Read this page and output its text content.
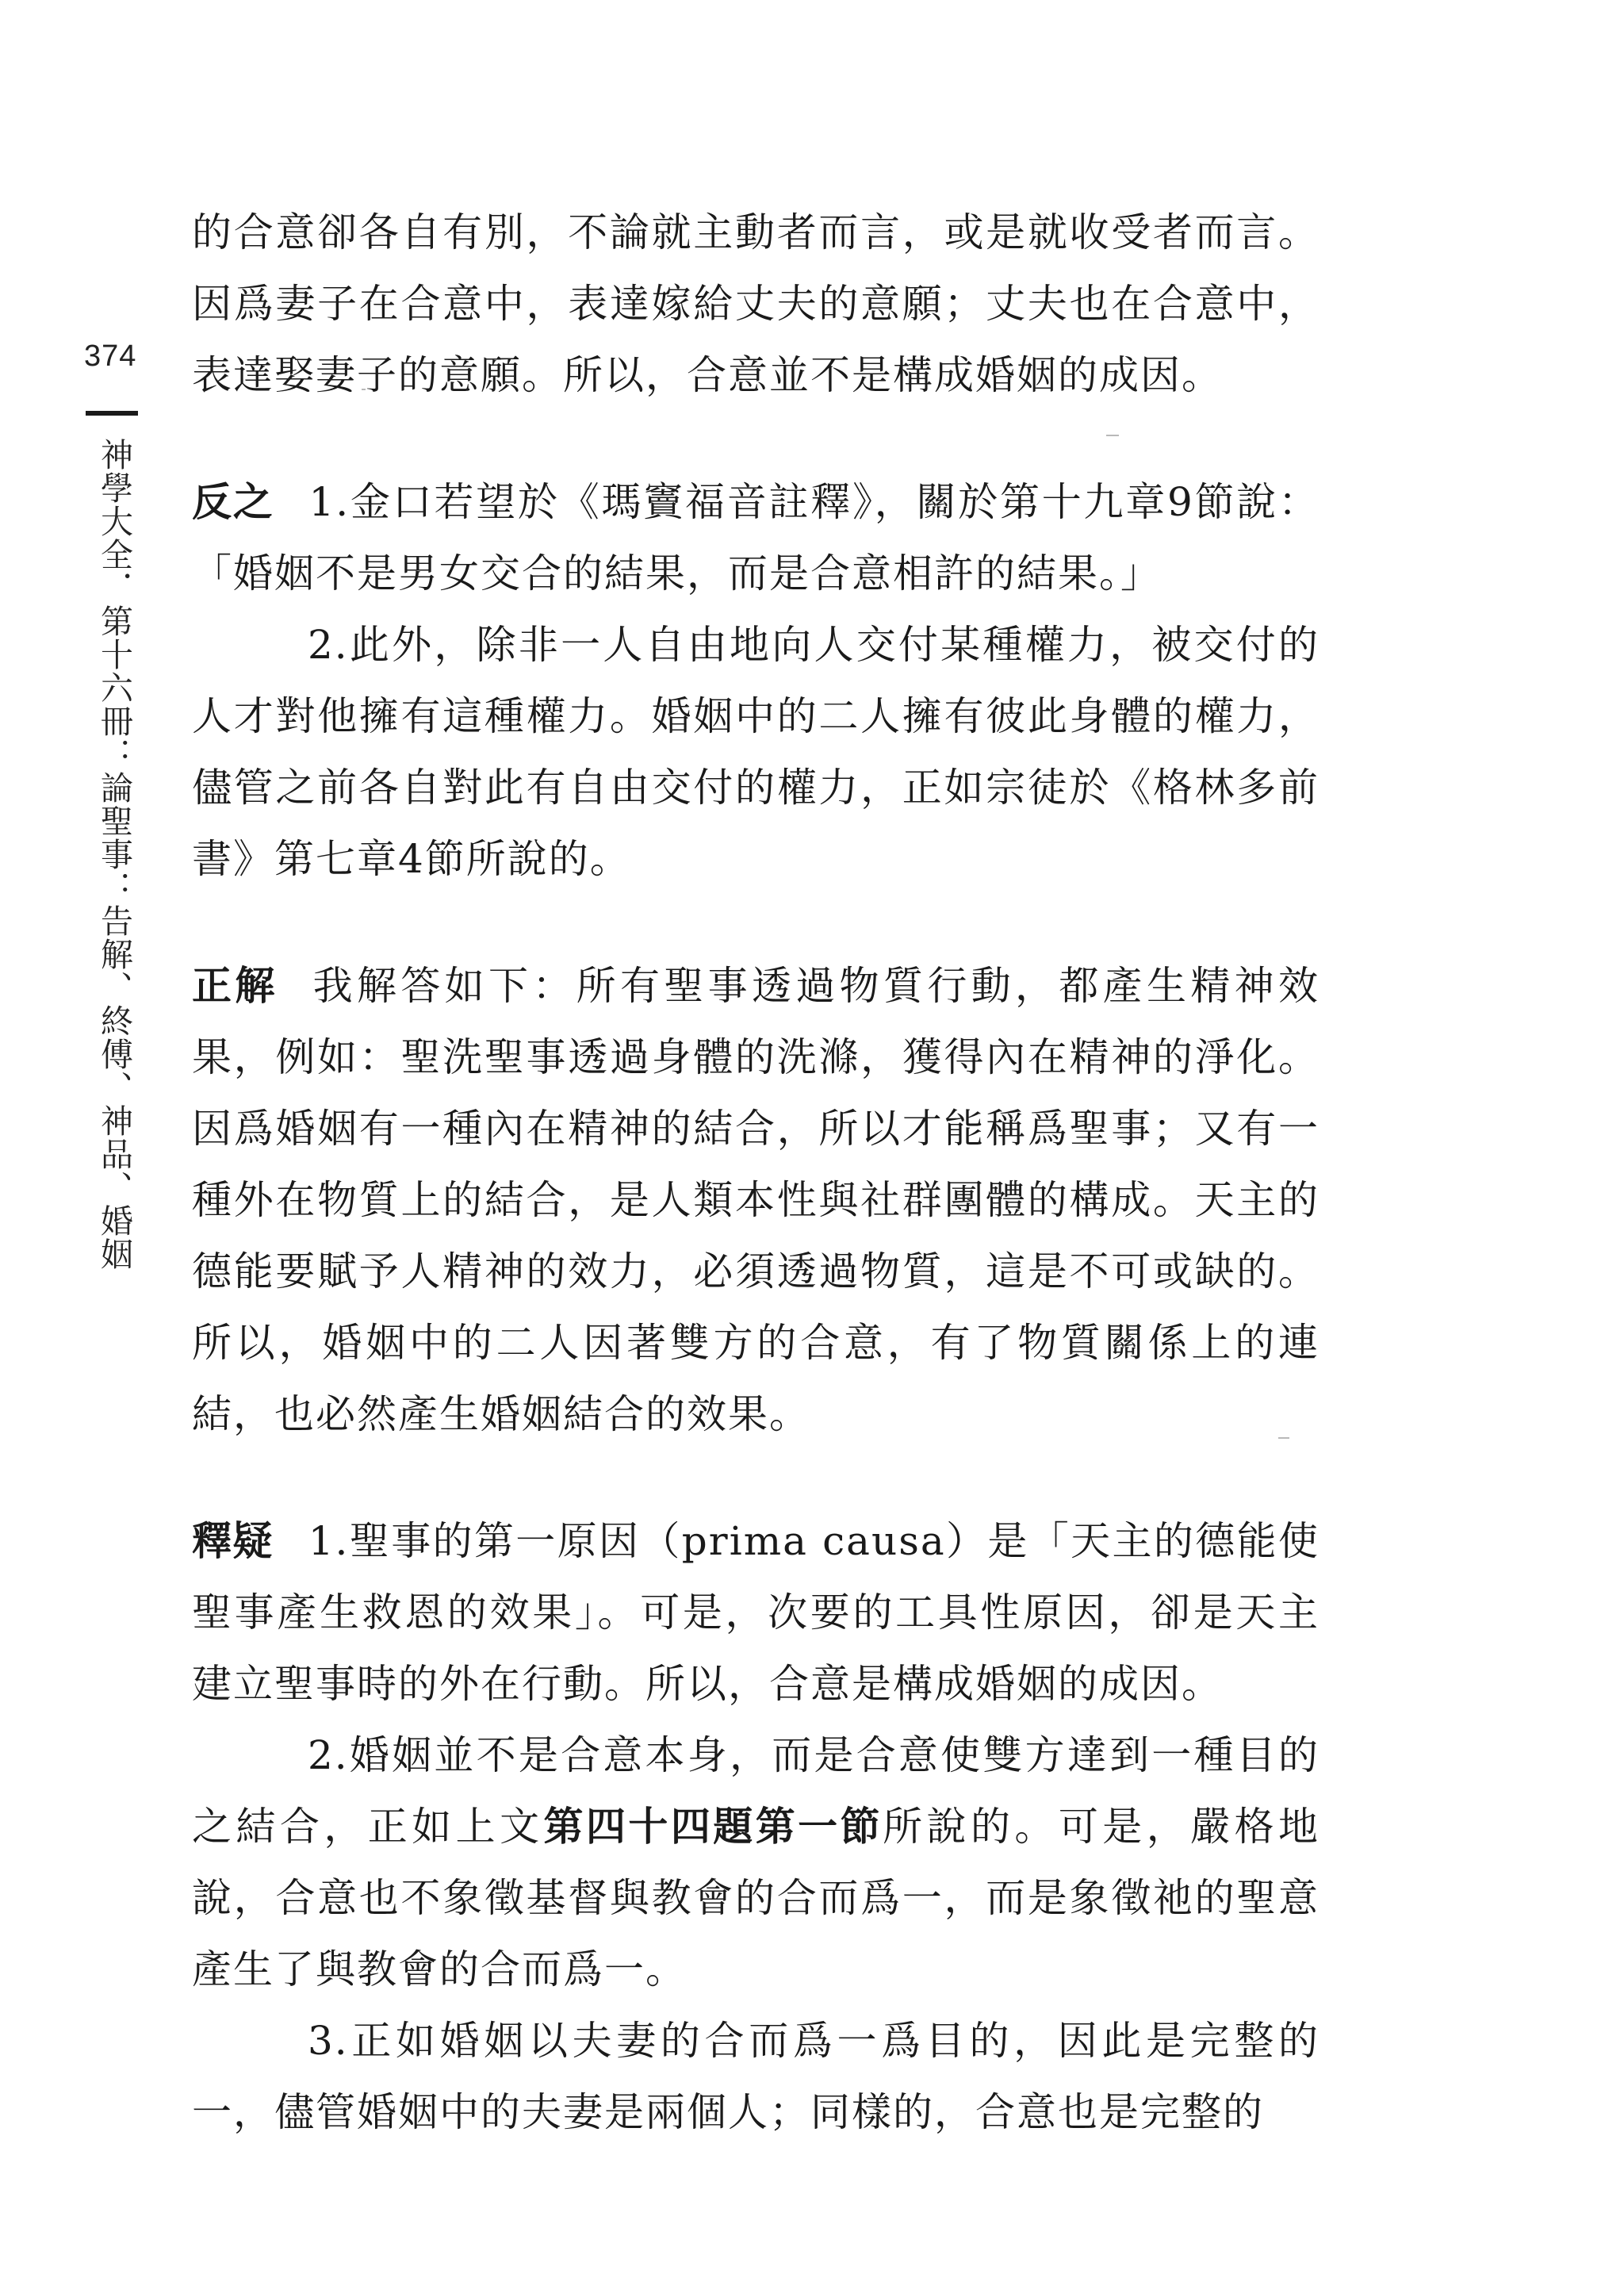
374
神學大全．第十六冊：論聖事：告解、終傅、神品、婚姻

的合意卻各自有別，不論就主動者而言，或是就收受者而言。因爲妻子在合意中，表達嫁給丈夫的意願；丈夫也在合意中，表達娶妻子的意願。所以，合意並不是構成婚姻的成因。

反之 1.金口若望於《瑪竇福音註釋》，關於第十九章9節說：「婚姻不是男女交合的結果，而是合意相許的結果。」

2.此外，除非一人自由地向人交付某種權力，被交付的人才對他擁有這種權力。婚姻中的二人擁有彼此身體的權力，儘管之前各自對此有自由交付的權力，正如宗徒於《格林多前書》第七章4節所說的。

正解 我解答如下：所有聖事透過物質行動，都產生精神效果，例如：聖洗聖事透過身體的洗滌，獲得內在精神的淨化。因爲婚姻有一種內在精神的結合，所以才能稱爲聖事；又有一種外在物質上的結合，是人類本性與社群團體的構成。天主的德能要賦予人精神的效力，必須透過物質，這是不可或缺的。所以，婚姻中的二人因著雙方的合意，有了物質關係上的連結，也必然產生婚姻結合的效果。

釋疑 1.聖事的第一原因（prima causa）是「天主的德能使聖事產生救恩的效果」。可是，次要的工具性原因，卻是天主建立聖事時的外在行動。所以，合意是構成婚姻的成因。

2.婚姻並不是合意本身，而是合意使雙方達到一種目的之結合，正如上文第四十四題第一節所說的。可是，嚴格地說，合意也不象徵基督與教會的合而爲一，而是象徵祂的聖意產生了與教會的合而爲一。

3.正如婚姻以夫妻的合而爲一爲目的，因此是完整的一，儘管婚姻中的夫妻是兩個人；同樣的，合意也是完整的
